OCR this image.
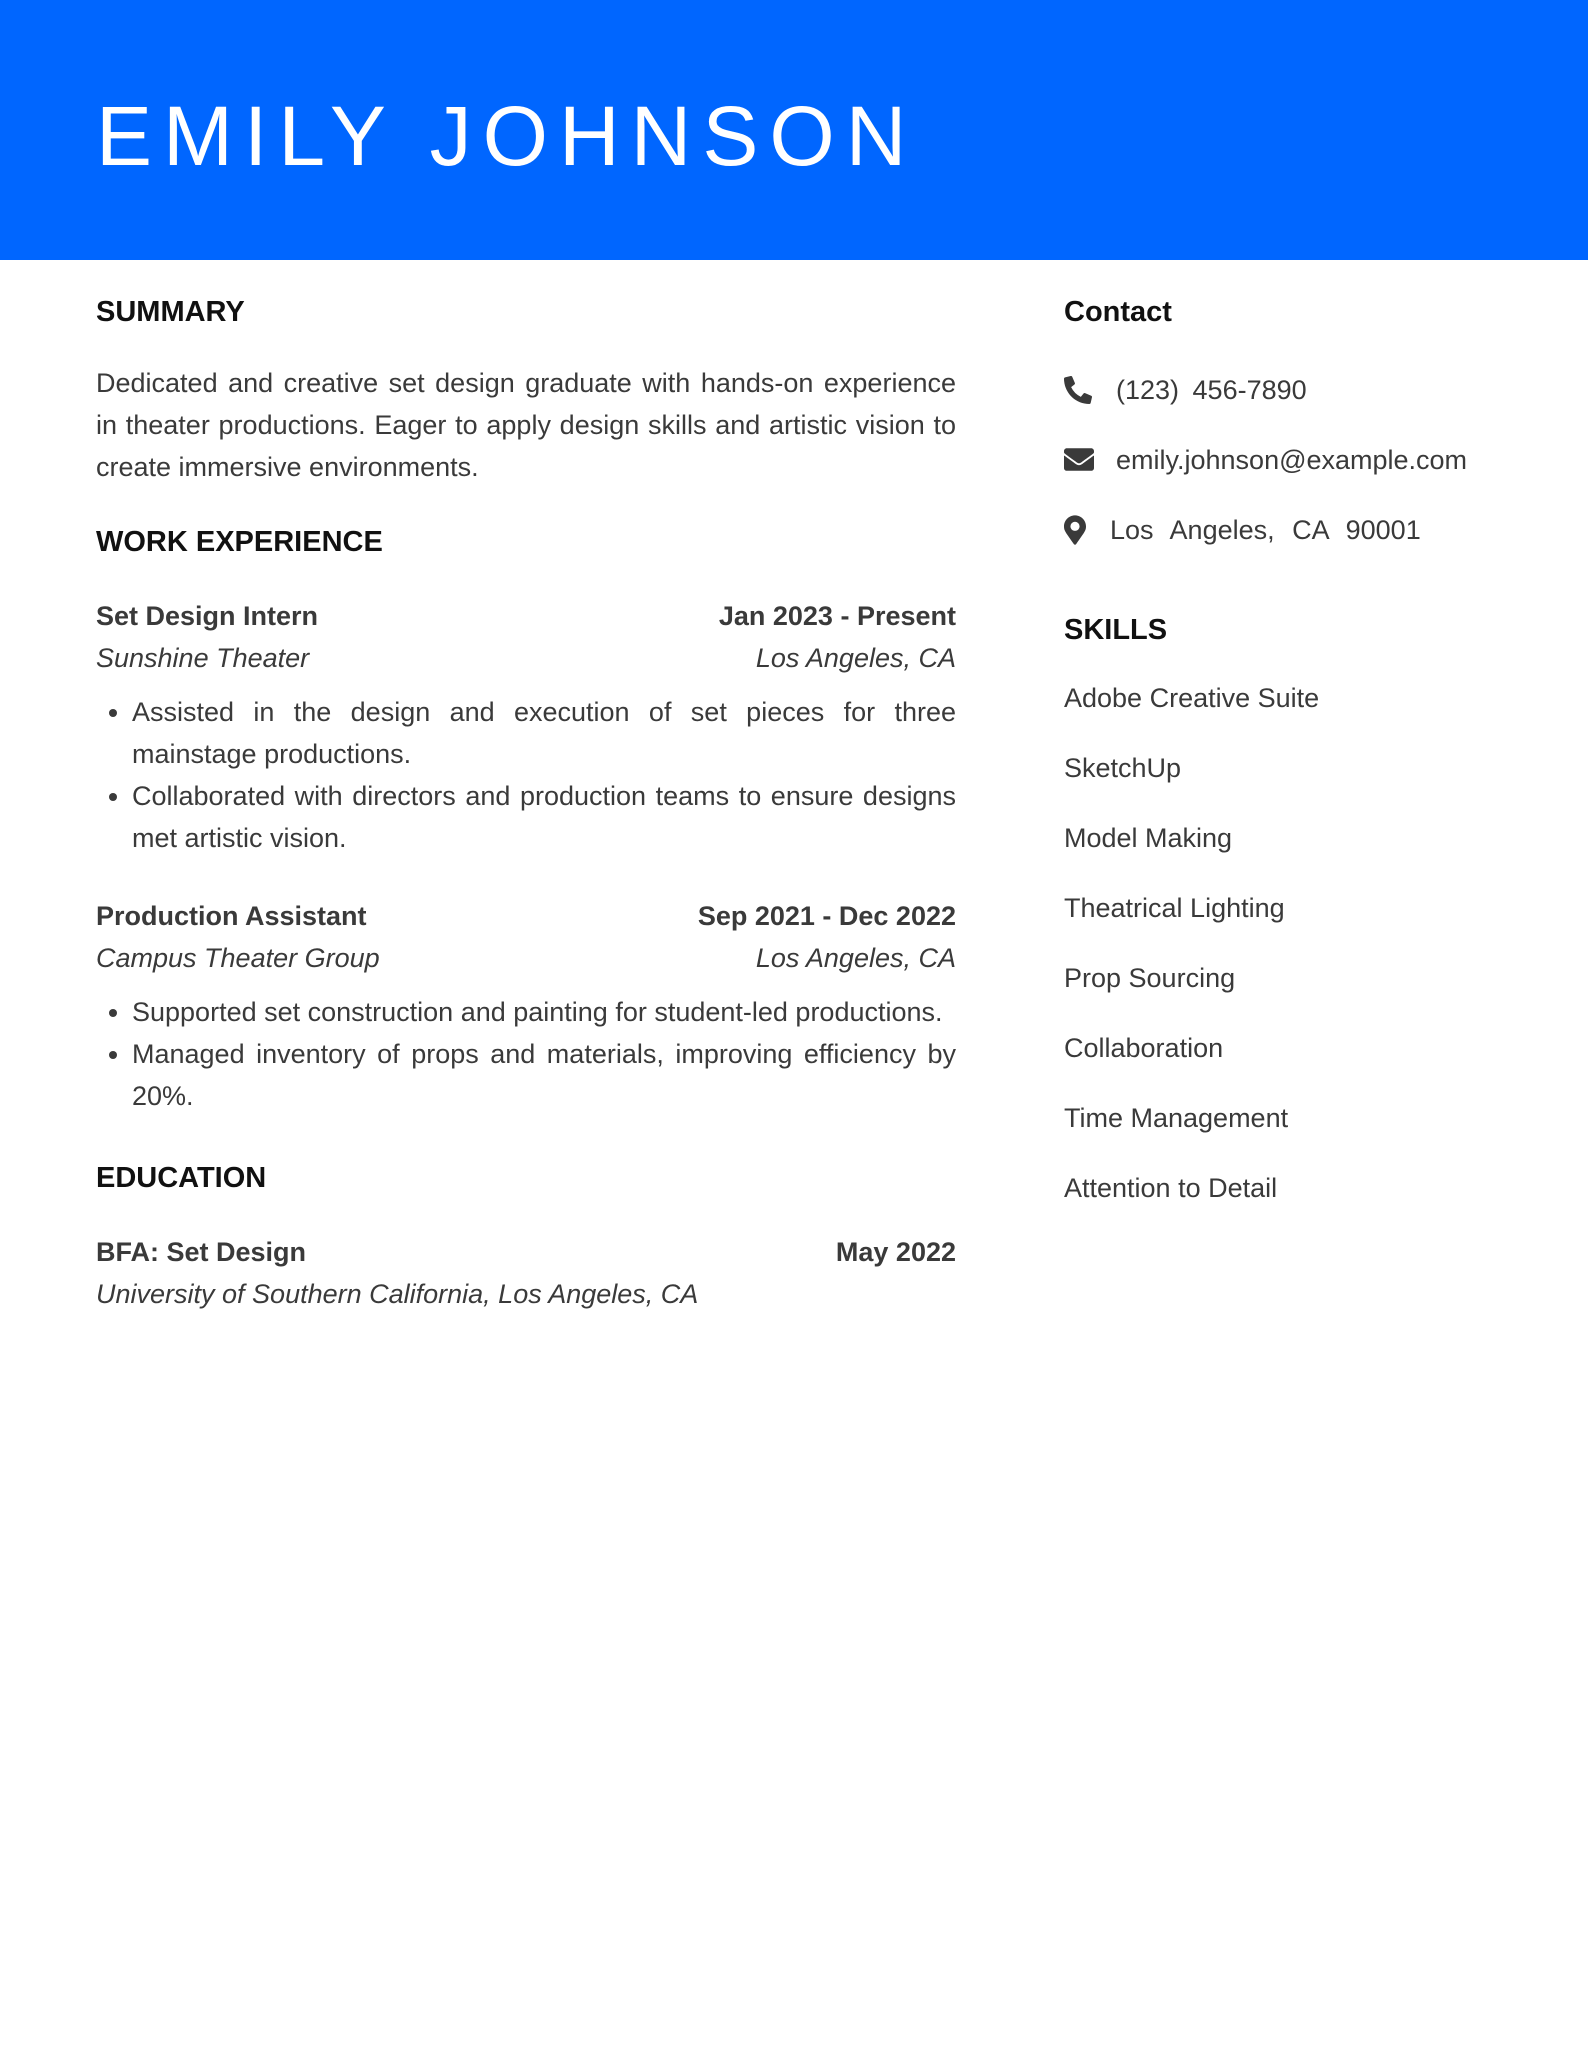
EMILY JOHNSON
SUMMARY

Dedicated and creative set design graduate with hands-on experience in theater productions. Eager to apply design skills and artistic vision to create immersive environments.

WORK EXPERIENCE
Set Design Intern	Jan 2023 - Present
Sunshine Theater	Los Angeles, CA
• Assisted in the design and execution of set pieces for three mainstage productions.
• Collaborated with directors and production teams to ensure designs met artistic vision.
Production Assistant	Sep 2021 - Dec 2022
Campus Theater Group	Los Angeles, CA
• Supported set construction and painting for student-led productions.
• Managed inventory of props and materials, improving efficiency by 20%.
EDUCATION
BFA: Set Design	May 2022
University of Southern California, Los Angeles, CA
Contact
(123) 456-7890
emily.johnson@example.com
Los Angeles, CA 90001
SKILLS
Adobe Creative Suite
SketchUp
Model Making
Theatrical Lighting
Prop Sourcing
Collaboration
Time Management
Attention to Detail
